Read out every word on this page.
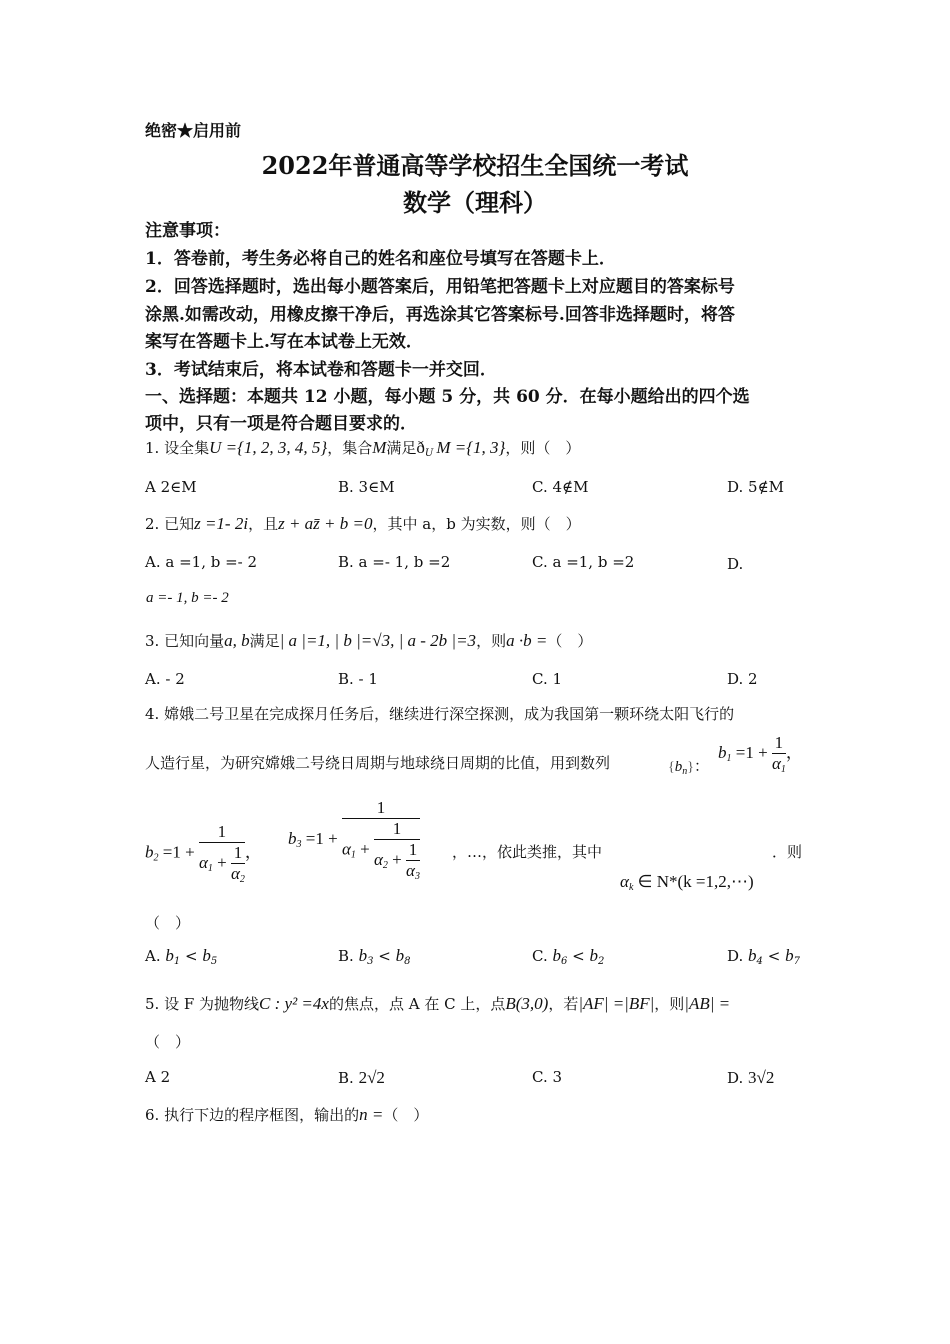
绝密★启用前
2022年普通高等学校招生全国统一考试
数学（理科）
注意事项：
1．答卷前，考生务必将自己的姓名和座位号填写在答题卡上．
2．回答选择题时，选出每小题答案后，用铅笔把答题卡上对应题目的答案标号
涂黑.如需改动，用橡皮擦干净后，再选涂其它答案标号.回答非选择题时，将答
案写在答题卡上.写在本试卷上无效．
3．考试结束后，将本试卷和答题卡一并交回．
一、选择题：本题共 12 小题，每小题 5 分，共 60 分．在每小题给出的四个选
项中，只有一项是符合题目要求的．
1. 设全集U ={1, 2, 3, 4, 5}，集合M满足$ð_U$ M ={1, 3}，则（　）
A 2∈M	B. 3∈M	C. 4∉M	D. 5∉M
2. 已知z =1- 2i，且z + az̄ + b =0，其中 a，b 为实数，则（　）
A. a =1, b =- 2	B. a =- 1, b =2	C. a =1, b =2	D.
a =- 1, b =- 2
3. 已知向量a, b满足| a |=1, | b |=√3, | a - 2b |=3，则a ·b =（　）
A. - 2	B. - 1	C. 1	D. 2
4. 嫦娥二号卫星在完成探月任务后，继续进行深空探测，成为我国第一颗环绕太阳飞行的
人造行星，为研究嫦娥二号绕日周期与地球绕日周期的比值，用到数列	$\{b_n\}$：
$b_1 =1 + \frac{1}{\alpha_1}$ ，
$b_2 =1 + \frac{1}{\alpha_1 + \frac{1}{\alpha_2}}$ ，
$b_3 =1 + \frac{1}{\alpha_1 + \frac{1}{\alpha_2 + \frac{1}{\alpha_3}}}$ ，…，依此类推，其中	．则
$\alpha_k$ ∈ N*(k =1,2,⋯)
（　）
A. $b_1 < b_5$	B. $b_3 < b_8$	C. $b_6 < b_2$	D. $b_4 < b_7$
5. 设 F 为抛物线C : y² =4x的焦点，点 A 在 C 上，点B(3,0)，若|AF| =|BF|，则|AB| =
（　）
A 2	B. 2√2	C. 3	D. 3√2
6. 执行下边的程序框图，输出的n =（　）
